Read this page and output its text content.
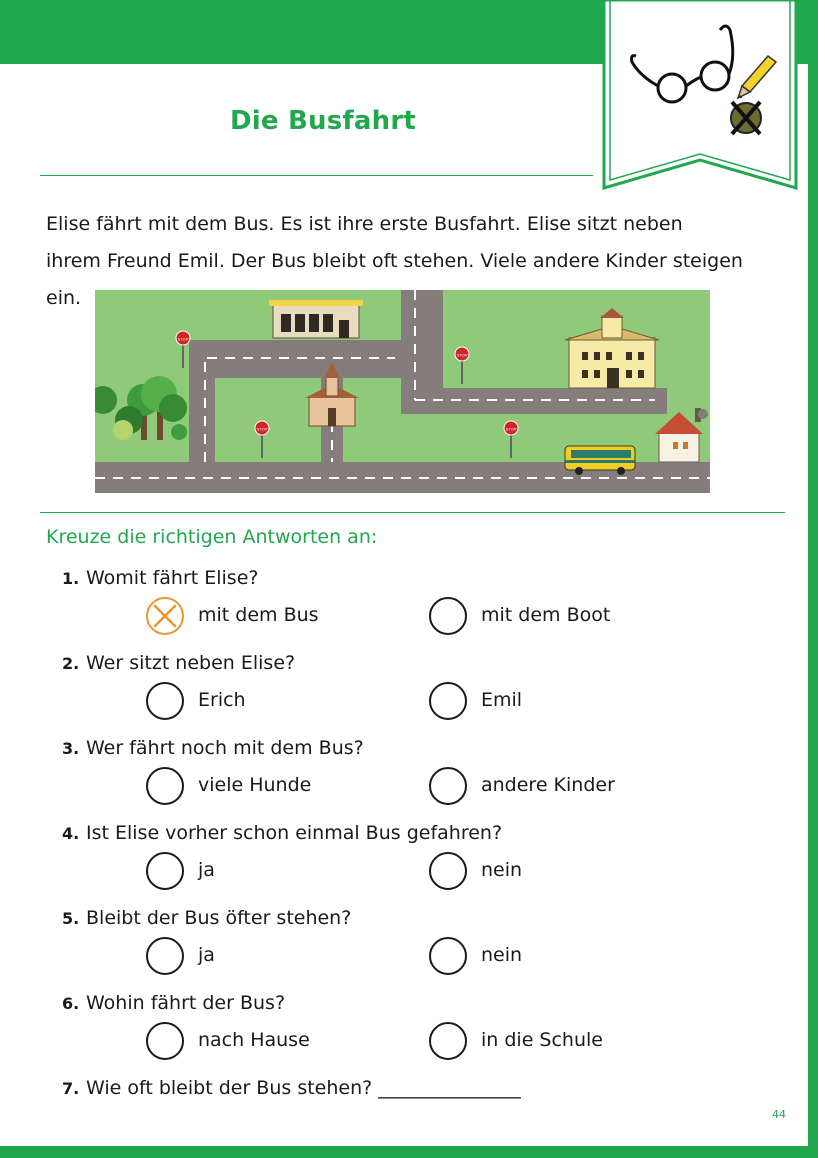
Die Busfahrt

Elise fährt mit dem Bus. Es ist ihre erste Busfahrt. Elise sitzt neben

ihrem Freund Emil. Der Bus bleibt oft stehen. Viele andere Kinder steigen ein.

STOP
STOP
STOP
STOP
Kreuze die richtigen Antworten an:
1. Womit fährt Elise?
mit dem Bus	mit dem Boot
2. Wer sitzt neben Elise?
Erich	Emil
3. Wer fährt noch mit dem Bus?
viele Hunde	andere Kinder
4. Ist Elise vorher schon einmal Bus gefahren?
ja	nein
5. Bleibt der Bus öfter stehen?
ja	nein
6. Wohin fährt der Bus?
nach Hause	in die Schule
7. Wie oft bleibt der Bus stehen? _______________
44
